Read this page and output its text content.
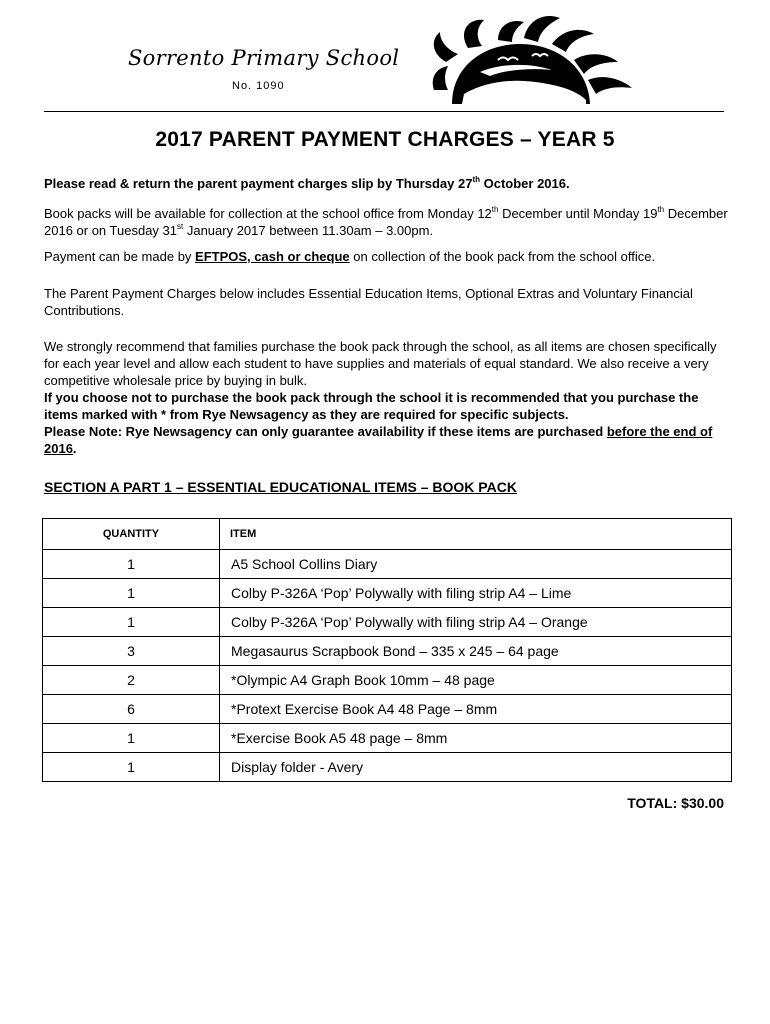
Sorrento Primary School
No. 1090
2017 PARENT PAYMENT CHARGES – YEAR 5
Please read & return the parent payment charges slip by Thursday 27th October 2016.
Book packs will be available for collection at the school office from Monday 12th December until Monday 19th December 2016 or on Tuesday 31st January 2017 between 11.30am – 3.00pm.
Payment can be made by EFTPOS, cash or cheque on collection of the book pack from the school office.
The Parent Payment Charges below includes Essential Education Items, Optional Extras and Voluntary Financial Contributions.

We strongly recommend that families purchase the book pack through the school, as all items are chosen specifically for each year level and allow each student to have supplies and materials of equal standard. We also receive a very competitive wholesale price by buying in bulk.

If you choose not to purchase the book pack through the school it is recommended that you purchase the items marked with * from Rye Newsagency as they are required for specific subjects.

Please Note: Rye Newsagency can only guarantee availability if these items are purchased before the end of 2016.

SECTION A PART 1 – ESSENTIAL EDUCATIONAL ITEMS – BOOK PACK
QUANTITY	ITEM
1	A5 School Collins Diary
1	Colby P-326A ‘Pop’ Polywally with filing strip A4 – Lime
1	Colby P-326A ‘Pop’ Polywally with filing strip A4 – Orange
3	Megasaurus Scrapbook Bond – 335 x 245 – 64 page
2	*Olympic A4 Graph Book 10mm – 48 page
6	*Protext Exercise Book A4 48 Page – 8mm
1	*Exercise Book A5 48 page – 8mm
1	Display folder - Avery
TOTAL: $30.00
